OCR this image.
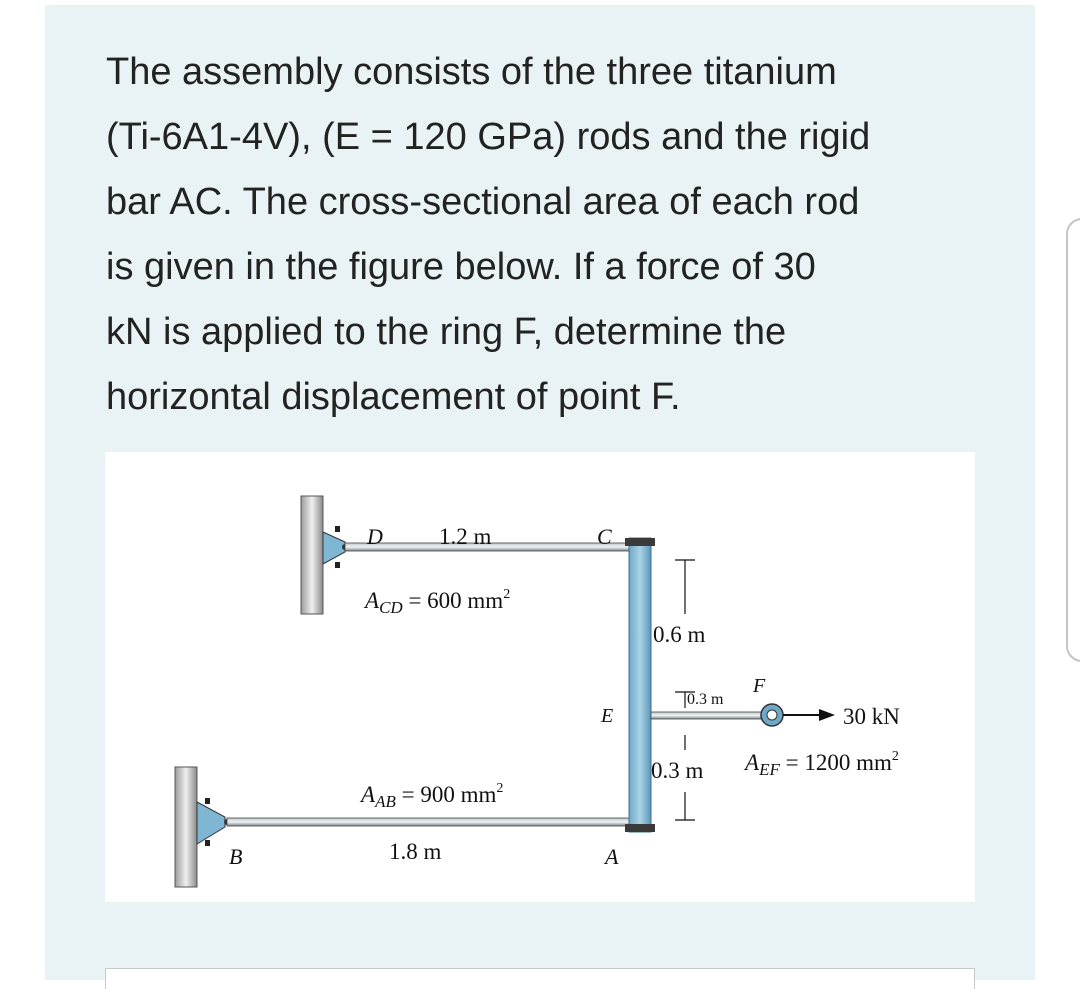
The assembly consists of the three titanium
(Ti-6A1-4V), (E = 120 GPa) rods and the rigid
bar AC. The cross-sectional area of each rod
is given in the figure below. If a force of 30
kN is applied to the ring F, determine the
horizontal displacement of point F.

D	C
E
F
A
B
1.2 m
1.8 m
0.6 m
0.3 m
0.3 m
$A_{CD} = 600$ $mm^2$
$A_{AB} = 900$ $mm^2$
$A_{EF} = 1200$ $mm^2$
30 kN
